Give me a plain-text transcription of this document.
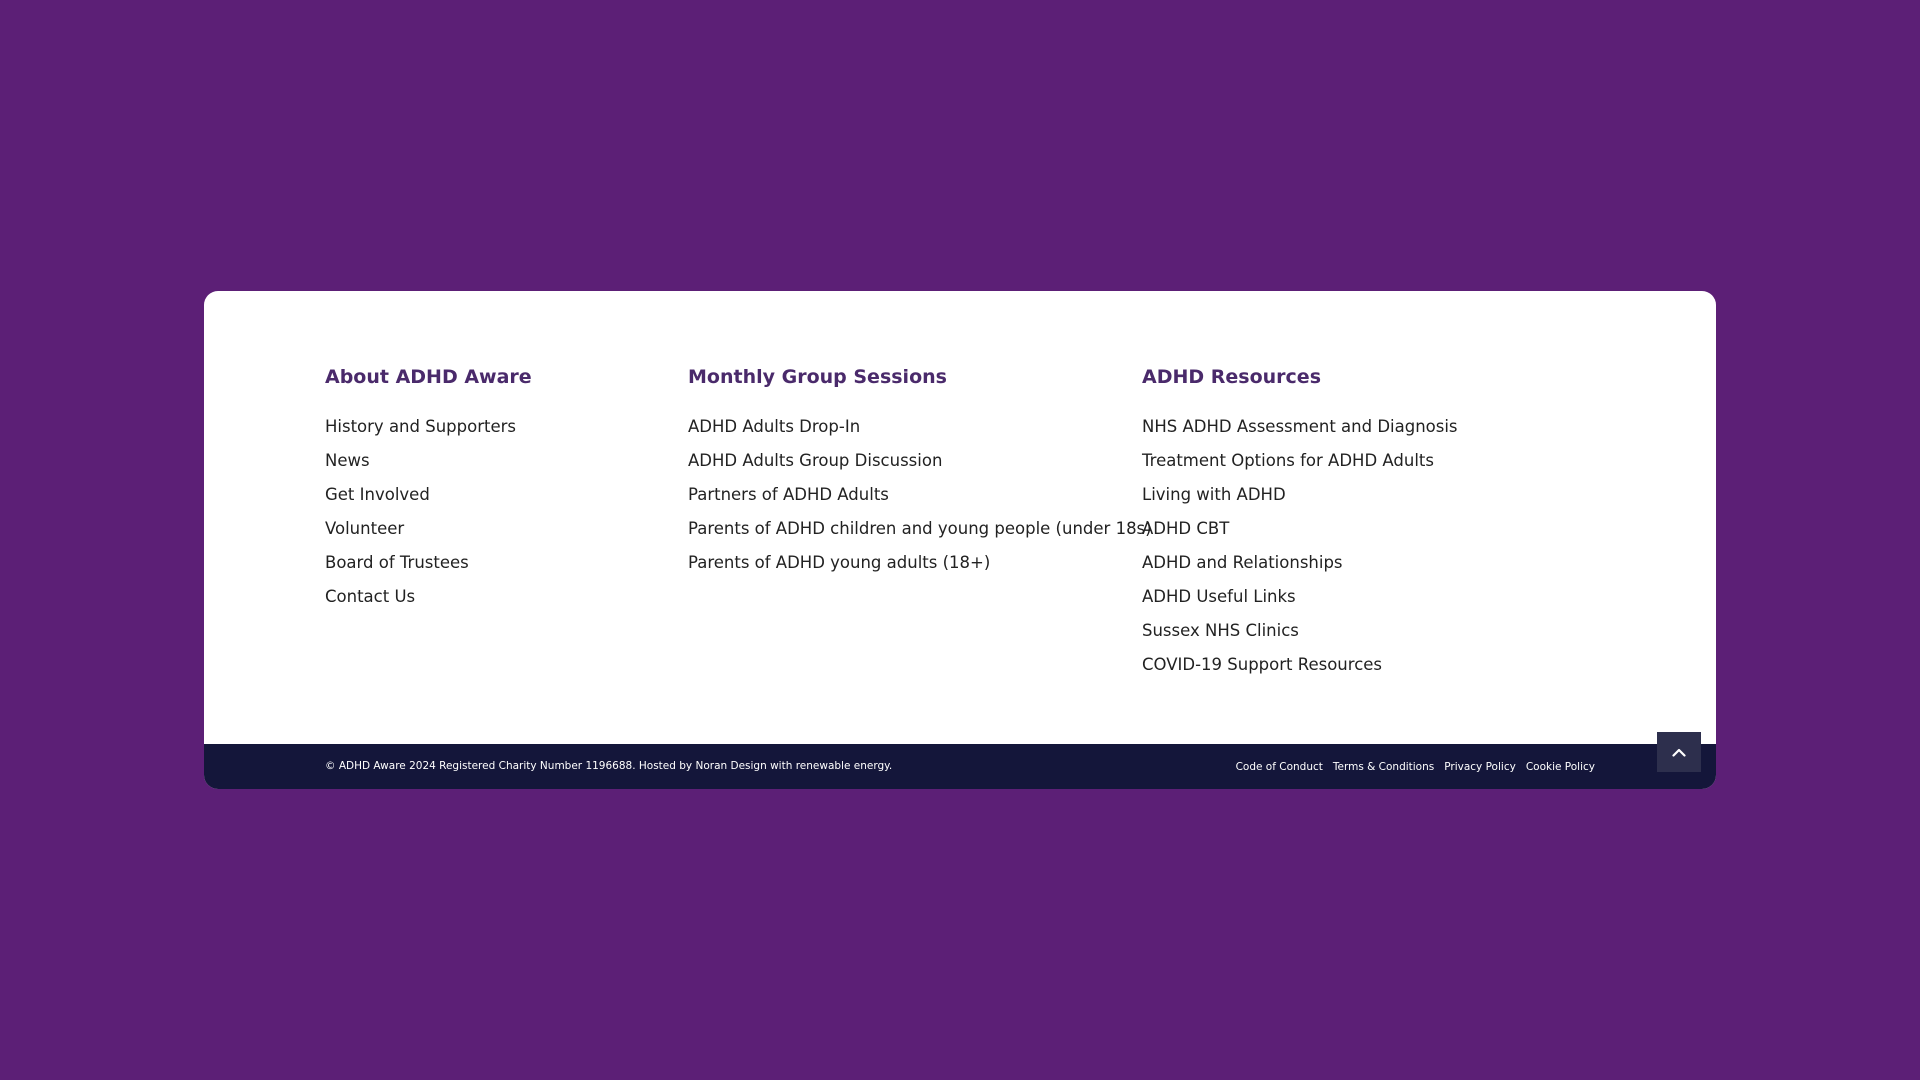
About ADHD Aware
History and Supporters
News
Get Involved
Volunteer
Board of Trustees
Contact Us
Monthly Group Sessions
ADHD Adults Drop-In
ADHD Adults Group Discussion
Partners of ADHD Adults
Parents of ADHD children and young people (under 18s)
Parents of ADHD young adults (18+)
ADHD Resources
NHS ADHD Assessment and Diagnosis
Treatment Options for ADHD Adults
Living with ADHD
ADHD CBT
ADHD and Relationships
ADHD Useful Links
Sussex NHS Clinics
COVID-19 Support Resources
© ADHD Aware 2024 Registered Charity Number 1196688. Hosted by Noran Design with renewable energy.	Code of Conduct Terms & Conditions Privacy Policy Cookie Policy
